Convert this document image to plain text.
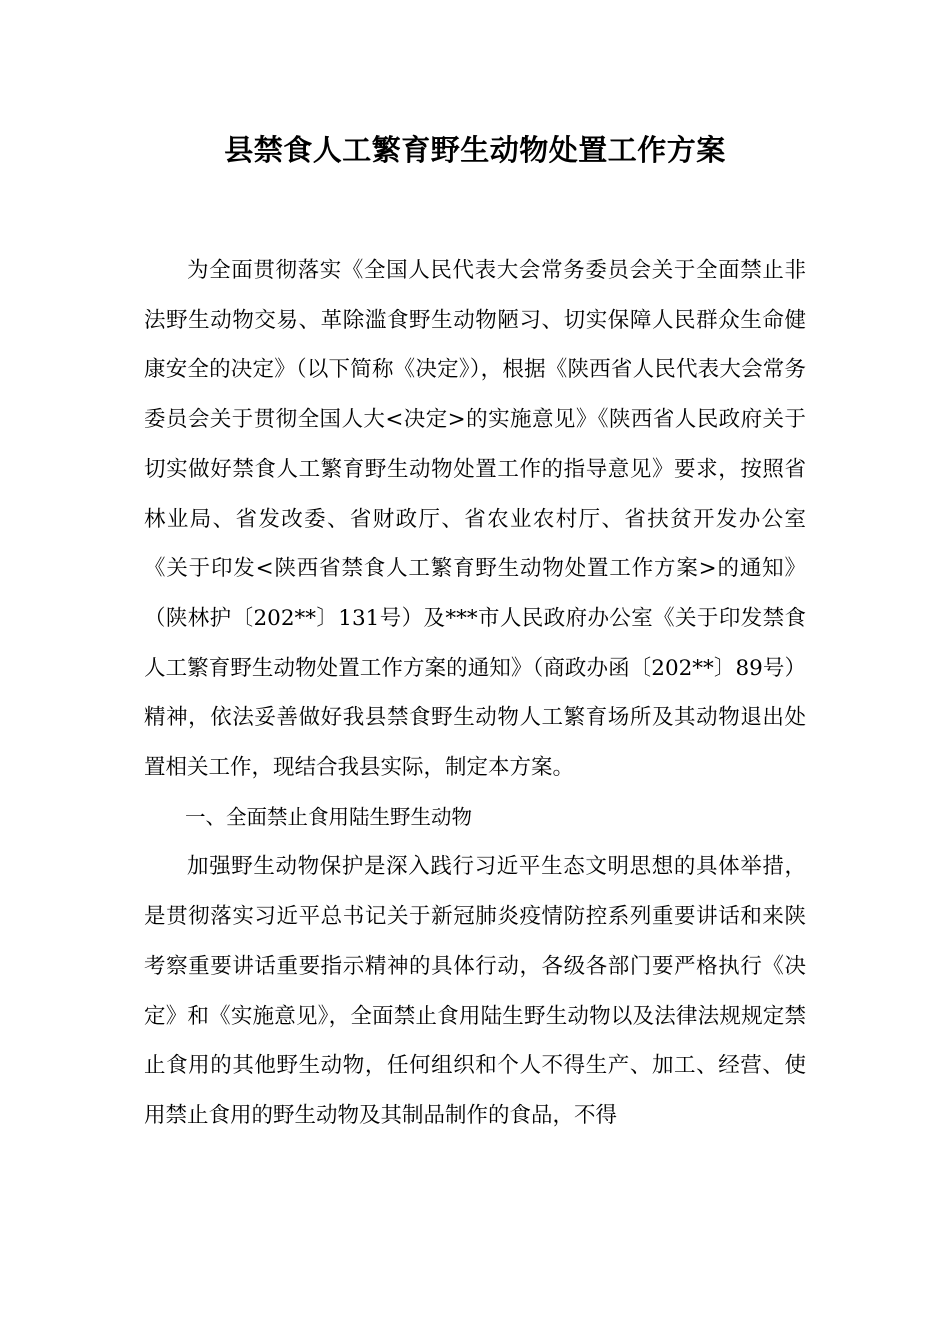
县禁食人工繁育野生动物处置工作方案

为全面贯彻落实《全国人民代表大会常务委员会关于全面禁止非法野生动物交易、革除滥食野生动物陋习、切实保障人民群众生命健康安全的决定》（以下简称《决定》），根据《陕西省人民代表大会常务委员会关于贯彻全国人大<决定>的实施意见》《陕西省人民政府关于切实做好禁食人工繁育野生动物处置工作的指导意见》要求，按照省林业局、省发改委、省财政厅、省农业农村厅、省扶贫开发办公室《关于印发<陕西省禁食人工繁育野生动物处置工作方案>的通知》（陕林护〔202**〕131号）及***市人民政府办公室《关于印发禁食人工繁育野生动物处置工作方案的通知》（商政办函〔202**〕89号）精神，依法妥善做好我县禁食野生动物人工繁育场所及其动物退出处置相关工作，现结合我县实际，制定本方案。

一、全面禁止食用陆生野生动物

加强野生动物保护是深入践行习近平生态文明思想的具体举措，是贯彻落实习近平总书记关于新冠肺炎疫情防控系列重要讲话和来陕考察重要讲话重要指示精神的具体行动，各级各部门要严格执行《决定》和《实施意见》，全面禁止食用陆生野生动物以及法律法规规定禁止食用的其他野生动物，任何组织和个人不得生产、加工、经营、使用禁止食用的野生动物及其制品制作的食品，不得
